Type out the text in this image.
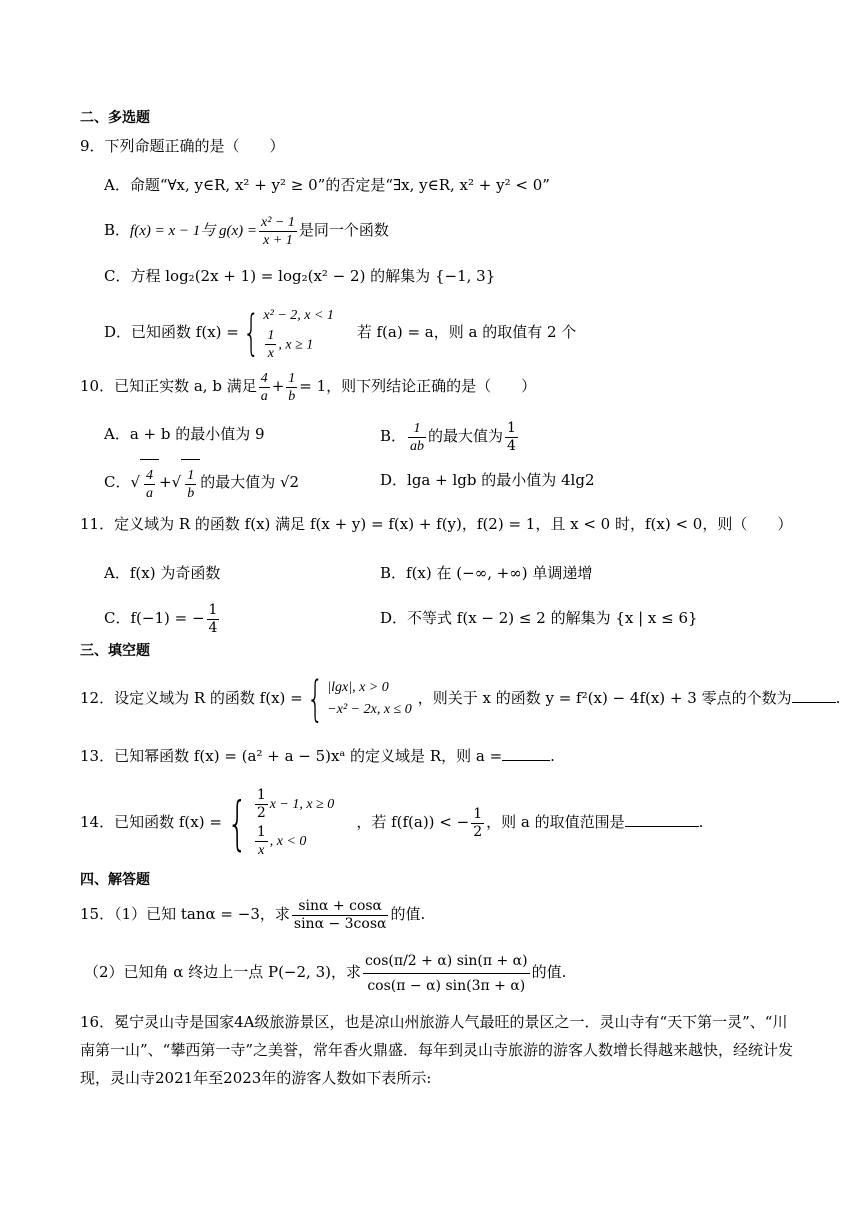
二、多选题
9．下列命题正确的是（　　）
A．命题“∀x, y∈R, x² + y² ≥ 0”的否定是“∃x, y∈R, x² + y² < 0”
B．f(x) = x − 1与 $g(x) = \frac{\text{x² − 1}}{x + 1}$ 是同一个函数
C．方程 log₂(2x + 1) = log₂(x² − 2) 的解集为 {−1, 3}
D．已知函数 f(x) ={ x² − 2, x < 1
$\frac{1}{x}$ , x ≥ 1
若 f(a) = a，则 a 的取值有 2 个
10．已知正实数 a, b 满足 $\frac{4}{a} + \frac{1}{b} = 1$，则下列结论正确的是（　　）
A．a + b 的最小值为 9	B． $\frac{1}{ab}$ 的最大值为 $\frac{1}{4}$
C．√ $\frac{4}{a}$ +√ $\frac{1}{b}$ 的最大值为 √2	D．lga + lgb 的最小值为 4lg2
11．定义域为 R 的函数 f(x) 满足 f(x + y) = f(x) + f(y)，f(2) = 1，且 x < 0 时，f(x) < 0，则（　　）
A．f(x) 为奇函数	B．f(x) 在 (−∞, +∞) 单调递增
C．f(−1) = − $\frac{1}{4}$	D．不等式 f(x − 2) ≤ 2 的解集为 {x | x ≤ 6}
三、填空题
12．设定义域为 R 的函数 f(x) ={ |lgx|, x > 0
−x² − 2x, x ≤ 0
，则关于 x 的函数 y = f²(x) − 4f(x) + 3 零点的个数为	.
13．已知幂函数 f(x) = (a² + a − 5)xᵃ 的定义域是 R，则 a =	.
14．已知函数 f(x) ={ $\frac{1}{2}$ x − 1, x ≥ 0
$\frac{1}{x}$ , x < 0
，若 f(f(a)) < − $\frac{1}{2}$ ，则 a 的取值范围是	.
四、解答题
15．（1）已知 tanα = −3，求 $\frac{\sin\alpha + \cos\alpha}{\sin\alpha - 3\cos\alpha}$ 的值.
（2）已知角 α 终边上一点 P(−2, 3)，求 $\frac{\cos(\pi/2 + \alpha) \sin(\pi + \alpha)}{\cos(\pi - \alpha) \sin(3\pi + \alpha)}$ 的值.
16．冕宁灵山寺是国家4A级旅游景区，也是凉山州旅游人气最旺的景区之一．灵山寺有“天下第一灵”、“川南第一山”、“攀西第一寺”之美誉，常年香火鼎盛．每年到灵山寺旅游的游客人数增长得越来越快，经统计发现，灵山寺2021年至2023年的游客人数如下表所示:
